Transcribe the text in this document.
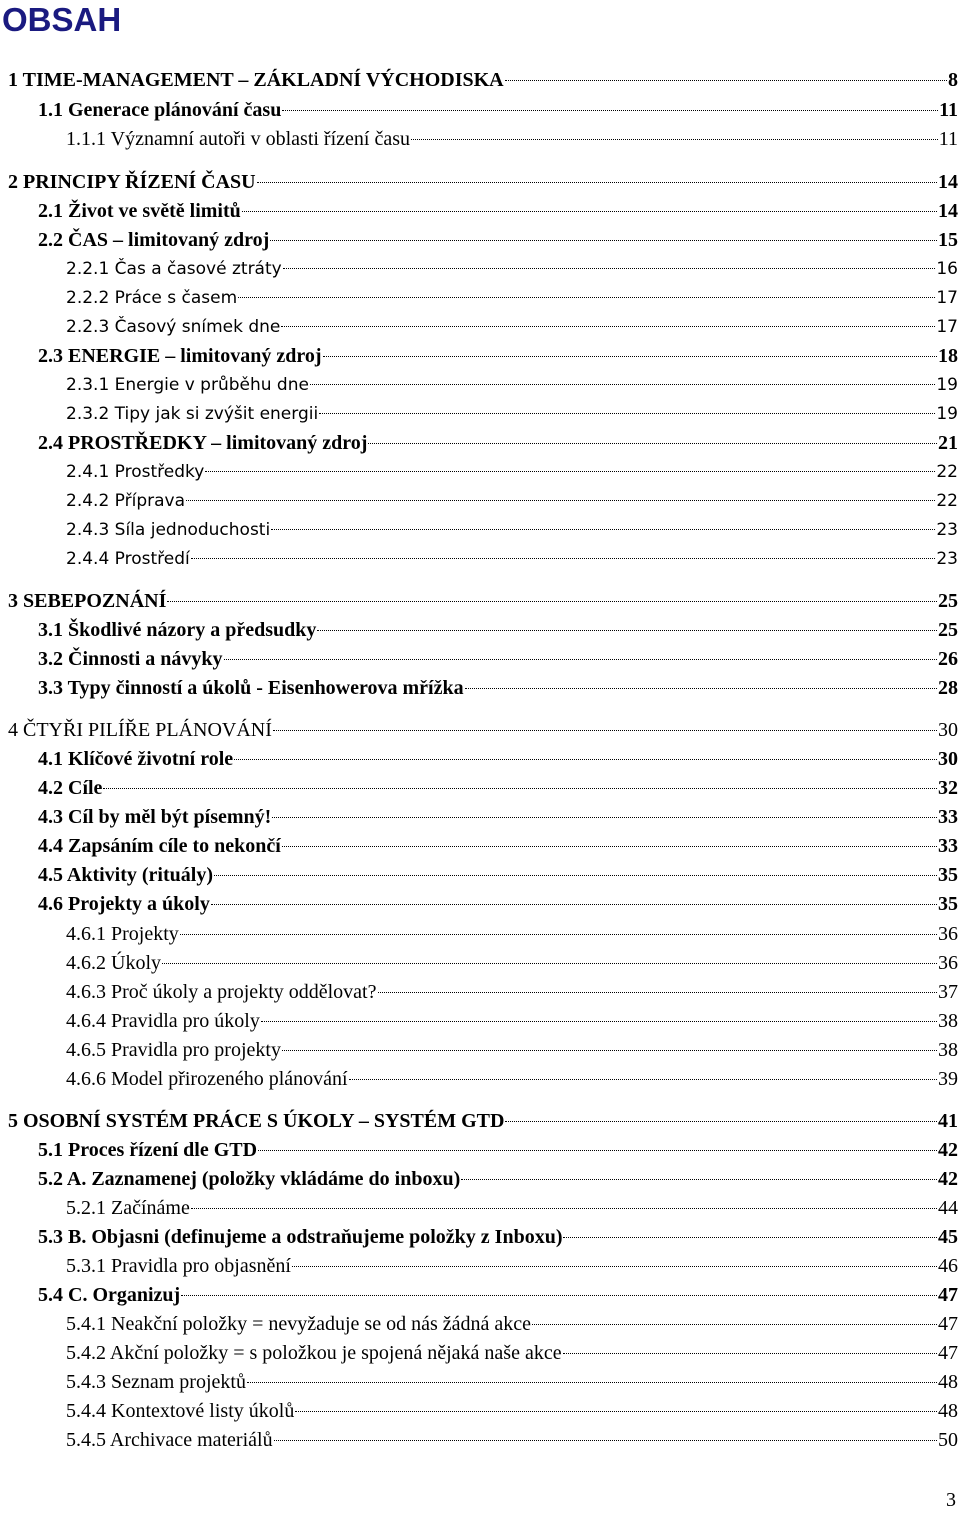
OBSAH
1 TIME-MANAGEMENT – ZÁKLADNÍ VÝCHODISKA	8
1.1 Generace plánování času	11
1.1.1 Významní autoři v oblasti řízení času	11
2 PRINCIPY ŘÍZENÍ ČASU	14
2.1 Život ve světě limitů	14
2.2 ČAS – limitovaný zdroj	15
2.2.1 Čas a časové ztráty	16
2.2.2 Práce s časem	17
2.2.3 Časový snímek dne	17
2.3 ENERGIE – limitovaný zdroj	18
2.3.1 Energie v průběhu dne	19
2.3.2 Tipy jak si zvýšit energii	19
2.4 PROSTŘEDKY – limitovaný zdroj	21
2.4.1 Prostředky	22
2.4.2 Příprava	22
2.4.3 Síla jednoduchosti	23
2.4.4 Prostředí	23
3 SEBEPOZNÁNÍ	25
3.1 Škodlivé názory a předsudky	25
3.2 Činnosti a návyky	26
3.3 Typy činností a úkolů - Eisenhowerova mřížka	28
4 ČTYŘI PILÍŘE PLÁNOVÁNÍ	30
4.1 Klíčové životní role	30
4.2 Cíle	32
4.3 Cíl by měl být písemný!	33
4.4 Zapsáním cíle to nekončí	33
4.5 Aktivity (rituály)	35
4.6 Projekty a úkoly	35
4.6.1 Projekty	36
4.6.2 Úkoly	36
4.6.3 Proč úkoly a projekty oddělovat?	37
4.6.4 Pravidla pro úkoly	38
4.6.5 Pravidla pro projekty	38
4.6.6 Model přirozeného plánování	39
5 OSOBNÍ SYSTÉM PRÁCE S ÚKOLY – SYSTÉM GTD	41
5.1 Proces řízení dle GTD	42
5.2 A. Zaznamenej (položky vkládáme do inboxu)	42
5.2.1 Začínáme	44
5.3 B. Objasni (definujeme a odstraňujeme položky z Inboxu)	45
5.3.1 Pravidla pro objasnění	46
5.4 C. Organizuj	47
5.4.1 Neakční položky = nevyžaduje se od nás žádná akce	47
5.4.2 Akční položky = s položkou je spojená nějaká naše akce	47
5.4.3 Seznam projektů	48
5.4.4 Kontextové listy úkolů	48
5.4.5 Archivace materiálů	50
3
